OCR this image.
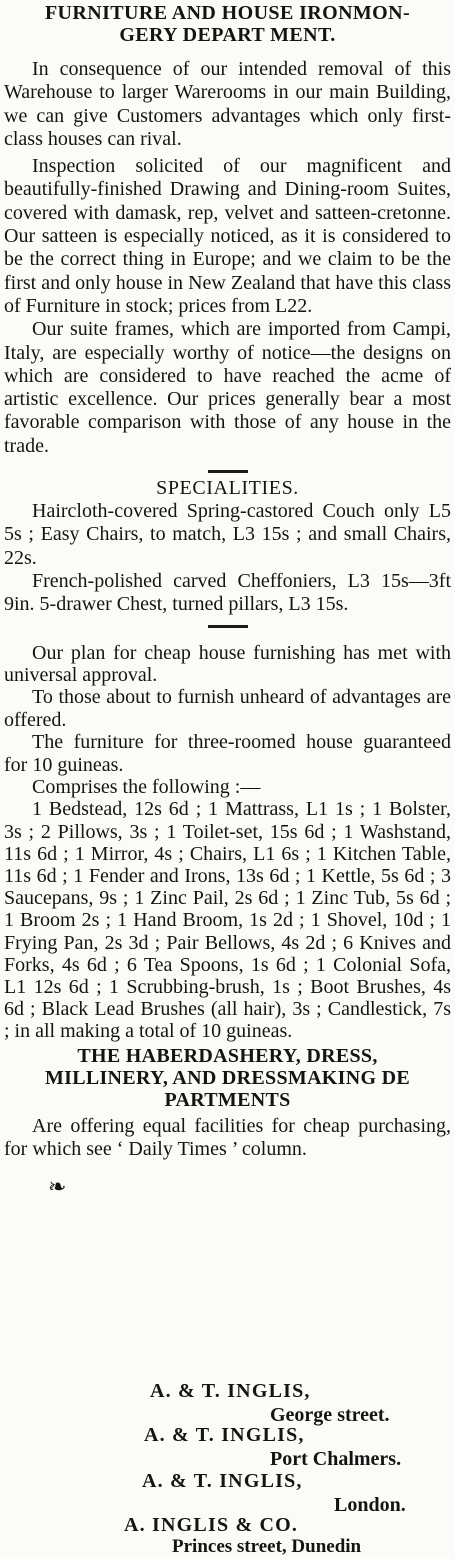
FURNITURE AND HOUSE IRONMON-
GERY DEPART MENT.

In consequence of our intended removal of this Warehouse to larger Warerooms in our main Building, we can give Customers advantages which only first-class houses can rival.

Inspection solicited of our magnificent and beautifully-finished Drawing and Dining-room Suites, covered with damask, rep, velvet and satteen-cretonne. Our satteen is especially noticed, as it is considered to be the correct thing in Europe; and we claim to be the first and only house in New Zealand that have this class of Furniture in stock; prices from L22.

Our suite frames, which are imported from Campi, Italy, are especially worthy of notice—the designs on which are considered to have reached the acme of artistic excellence. Our prices generally bear a most favorable comparison with those of any house in the trade.

SPECIALITIES.

Haircloth-covered Spring-castored Couch only L5 5s ; Easy Chairs, to match, L3 15s ; and small Chairs, 22s.

French-polished carved Cheffoniers, L3 15s—3ft 9in. 5-drawer Chest, turned pillars, L3 15s.

Our plan for cheap house furnishing has met with universal approval.

To those about to furnish unheard of advantages are offered.

The furniture for three-roomed house guaranteed for 10 guineas.

Comprises the following :—

1 Bedstead, 12s 6d ; 1 Mattrass, L1 1s ; 1 Bolster, 3s ; 2 Pillows, 3s ; 1 Toilet-set, 15s 6d ; 1 Washstand, 11s 6d ; 1 Mirror, 4s ; Chairs, L1 6s ; 1 Kitchen Table, 11s 6d ; 1 Fender and Irons, 13s 6d ; 1 Kettle, 5s 6d ; 3 Saucepans, 9s ; 1 Zinc Pail, 2s 6d ; 1 Zinc Tub, 5s 6d ; 1 Broom 2s ; 1 Hand Broom, 1s 2d ; 1 Shovel, 10d ; 1 Frying Pan, 2s 3d ; Pair Bellows, 4s 2d ; 6 Knives and Forks, 4s 6d ; 6 Tea Spoons, 1s 6d ; 1 Colonial Sofa, L1 12s 6d ; 1 Scrubbing-brush, 1s ; Boot Brushes, 4s 6d ; Black Lead Brushes (all hair), 3s ; Candlestick, 7s ; in all making a total of 10 guineas.

THE HABERDASHERY, DRESS,
MILLINERY, AND DRESSMAKING DE
PARTMENTS

Are offering equal facilities for cheap purchasing, for which see ‘ Daily Times ’ column.

❧
A. & T. INGLIS,
George street.
A. & T. INGLIS,
Port Chalmers.
A. & T. INGLIS,
London.
A. INGLIS & CO.
Princes street, Dunedin
